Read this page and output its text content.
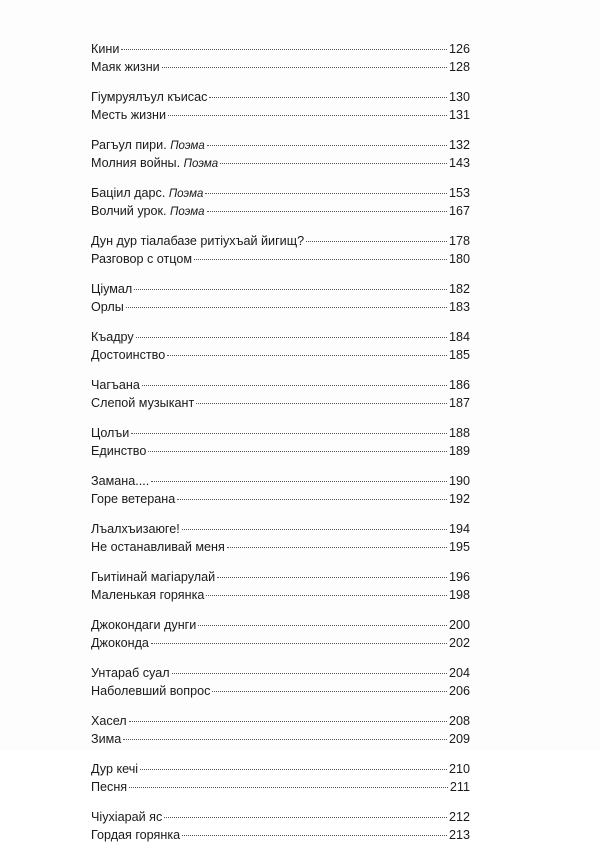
Кини	126
Маяк жизни	128
Гіумруялъул къисас	130
Месть жизни	131
Рагъул пири. Поэма	132
Молния войны. Поэма	143
Баціил дарс. Поэма	153
Волчий урок. Поэма	167
Дун дур тіалабазе ритіухъай йигищ?	178
Разговор с отцом	180
Ціумал	182
Орлы	183
Къадру	184
Достоинство	185
Чагъана	186
Слепой музыкант	187
Цолъи	188
Единство	189
Замана....	190
Горе ветерана	192
Лъалхъизаюге!	194
Не останавливай меня	195
Гьитіинай магіарулай	196
Маленькая горянка	198
Джокондаги дунги	200
Джоконда	202
Унтараб суал	204
Наболевший вопрос	206
Хасел	208
Зима	209
Дур кечі	210
Песня	211
Чіухіарай яс	212
Гордая горянка	213
